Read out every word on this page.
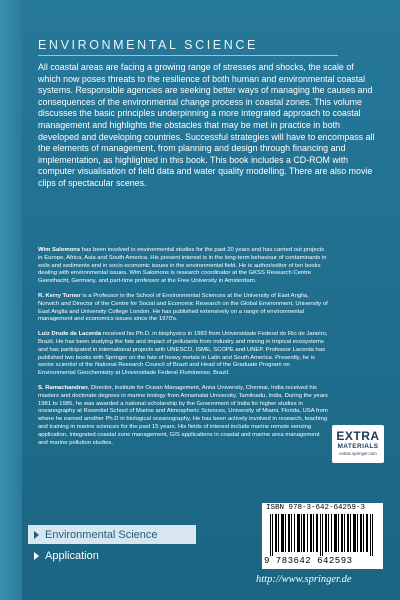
ENVIRONMENTAL SCIENCE
All coastal areas are facing a growing range of stresses and shocks, the scale of which now poses threats to the resilience of both human and environmental coastal systems. Responsible agencies are seeking better ways of managing the causes and consequences of the environmental change process in coastal zones. This volume discusses the basic principles underpinning a more integrated approach to coastal management and highlights the obstacles that may be met in practice in both developed and developing countries. Successful strategies will have to encompass all the elements of management, from planning and design through financing and implementation, as highlighted in this book. This book includes a CD-ROM with computer visualisation of field data and water quality modelling. There are also movie clips of spectacular scenes.

Wim Salomons has been involved in environmental studies for the past 20 years and has carried out projects in Europe, Africa, Asia and South America. His present interest is in the long-term behaviour of contaminants in soils and sediments and in socio-economic issues in the environmental field. He is author/editor of ten books dealing with environmental issues. Wim Salomons is research coordinator at the GKSS Research Centre Geesthacht, Germany, and part-time professor at the Free University in Amsterdam.

R. Kerry Turner is a Professor in the School of Environmental Sciences at the University of East Anglia, Norwich and Director of the Centre for Social and Economic Research on the Global Environment, University of East Anglia and University College London. He has published extensively on a range of environmental management and economics issues since the 1970's.

Luiz Drude de Lacerda received his Ph.D. in biophysics in 1983 from Universidade Federal do Rio de Janeiro, Brazil. He has been studying the fate and impact of pollutants from industry and mining in tropical ecosystems and has participated in international projects with UNESCO, ISME, SCOPE and UNEP. Professor Lacerda has published two books with Springer on the fate of heavy metals in Latin and South America. Presently, he is senior scientist of the National Research Council of Brazil and Head of the Graduate Program on Environmental Geochemistry at Universidade Federal Fluminense, Brazil.

S. Ramachandran, Director, Institute for Ocean Management, Anna University, Chennai, India received his masters and doctorate degrees in marine biology from Annamalai University, Tamilnadu, India. During the years 1981 to 1985, he was awarded a national scholarship by the Government of India for higher studies in oceanography at Rosentiel School of Marine and Atmospheric Sciences, University of Miami, Florida, USA from where he earned another Ph.D in biological oceanography. He has been actively involved in research, teaching and training in marine sciences for the past 15 years. His fields of interest include marine remote sensing application, integrated coastal zone management, GIS applications in coastal and marine area management and marine pollution studies.	EXTRA
MATERIALS
extras.springer.com
Environmental Science
Application
ISBN 978-3-642-64259-3
9 783642 642593
http://www.springer.de
